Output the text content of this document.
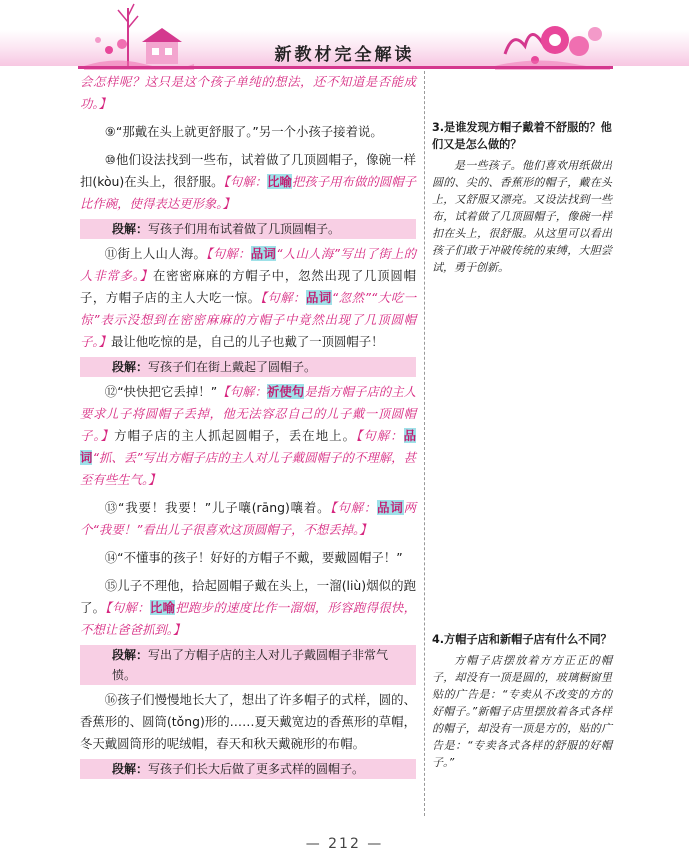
新教材完全解读

会怎样呢？这只是这个孩子单纯的想法，还不知道是否能成功。】

⑨“那戴在头上就更舒服了。”另一个小孩子接着说。

⑩他们设法找到一些布，试着做了几顶圆帽子，像碗一样扣(kòu)在头上，很舒服。【句解：比喻把孩子用布做的圆帽子比作碗，使得表达更形象。】

段解：写孩子们用布试着做了几顶圆帽子。

⑪街上人山人海。【句解：品词“人山人海”写出了街上的人非常多。】在密密麻麻的方帽子中，忽然出现了几顶圆帽子，方帽子店的主人大吃一惊。【句解：品词“忽然”“大吃一惊”表示没想到在密密麻麻的方帽子中竟然出现了几顶圆帽子。】最让他吃惊的是，自己的儿子也戴了一顶圆帽子！

段解：写孩子们在街上戴起了圆帽子。

⑫“快快把它丢掉！”【句解：祈使句是指方帽子店的主人要求儿子将圆帽子丢掉，他无法容忍自己的儿子戴一顶圆帽子。】方帽子店的主人抓起圆帽子，丢在地上。【句解：品词“抓、丢”写出方帽子店的主人对儿子戴圆帽子的不理解，甚至有些生气。】

⑬“我要！我要！”儿子嚷(rāng)嚷着。【句解：品词两个“我要！”看出儿子很喜欢这顶圆帽子，不想丢掉。】

⑭“不懂事的孩子！好好的方帽子不戴，要戴圆帽子！”

⑮儿子不理他，拾起圆帽子戴在头上，一溜(liù)烟似的跑了。【句解：比喻把跑步的速度比作一溜烟，形容跑得很快，不想让爸爸抓到。】

段解：写出了方帽子店的主人对儿子戴圆帽子非常气愤。

⑯孩子们慢慢地长大了，想出了许多帽子的式样，圆的、香蕉形的、圆筒(tǒng)形的……夏天戴宽边的香蕉形的草帽，冬天戴圆筒形的呢绒帽，春天和秋天戴碗形的布帽。

段解：写孩子们长大后做了更多式样的圆帽子。

3.是谁发现方帽子戴着不舒服的？他们又是怎么做的？

是一些孩子。他们喜欢用纸做出圆的、尖的、香蕉形的帽子，戴在头上，又舒服又漂亮。又设法找到一些布，试着做了几顶圆帽子，像碗一样扣在头上，很舒服。从这里可以看出孩子们敢于冲破传统的束缚，大胆尝试，勇于创新。

4.方帽子店和新帽子店有什么不同？

方帽子店摆放着方方正正的帽子，却没有一顶是圆的，玻璃橱窗里贴的广告是：“专卖从不改变的方的好帽子。”新帽子店里摆放着各式各样的帽子，却没有一顶是方的，贴的广告是：“专卖各式各样的舒服的好帽子。”

— 212 —
